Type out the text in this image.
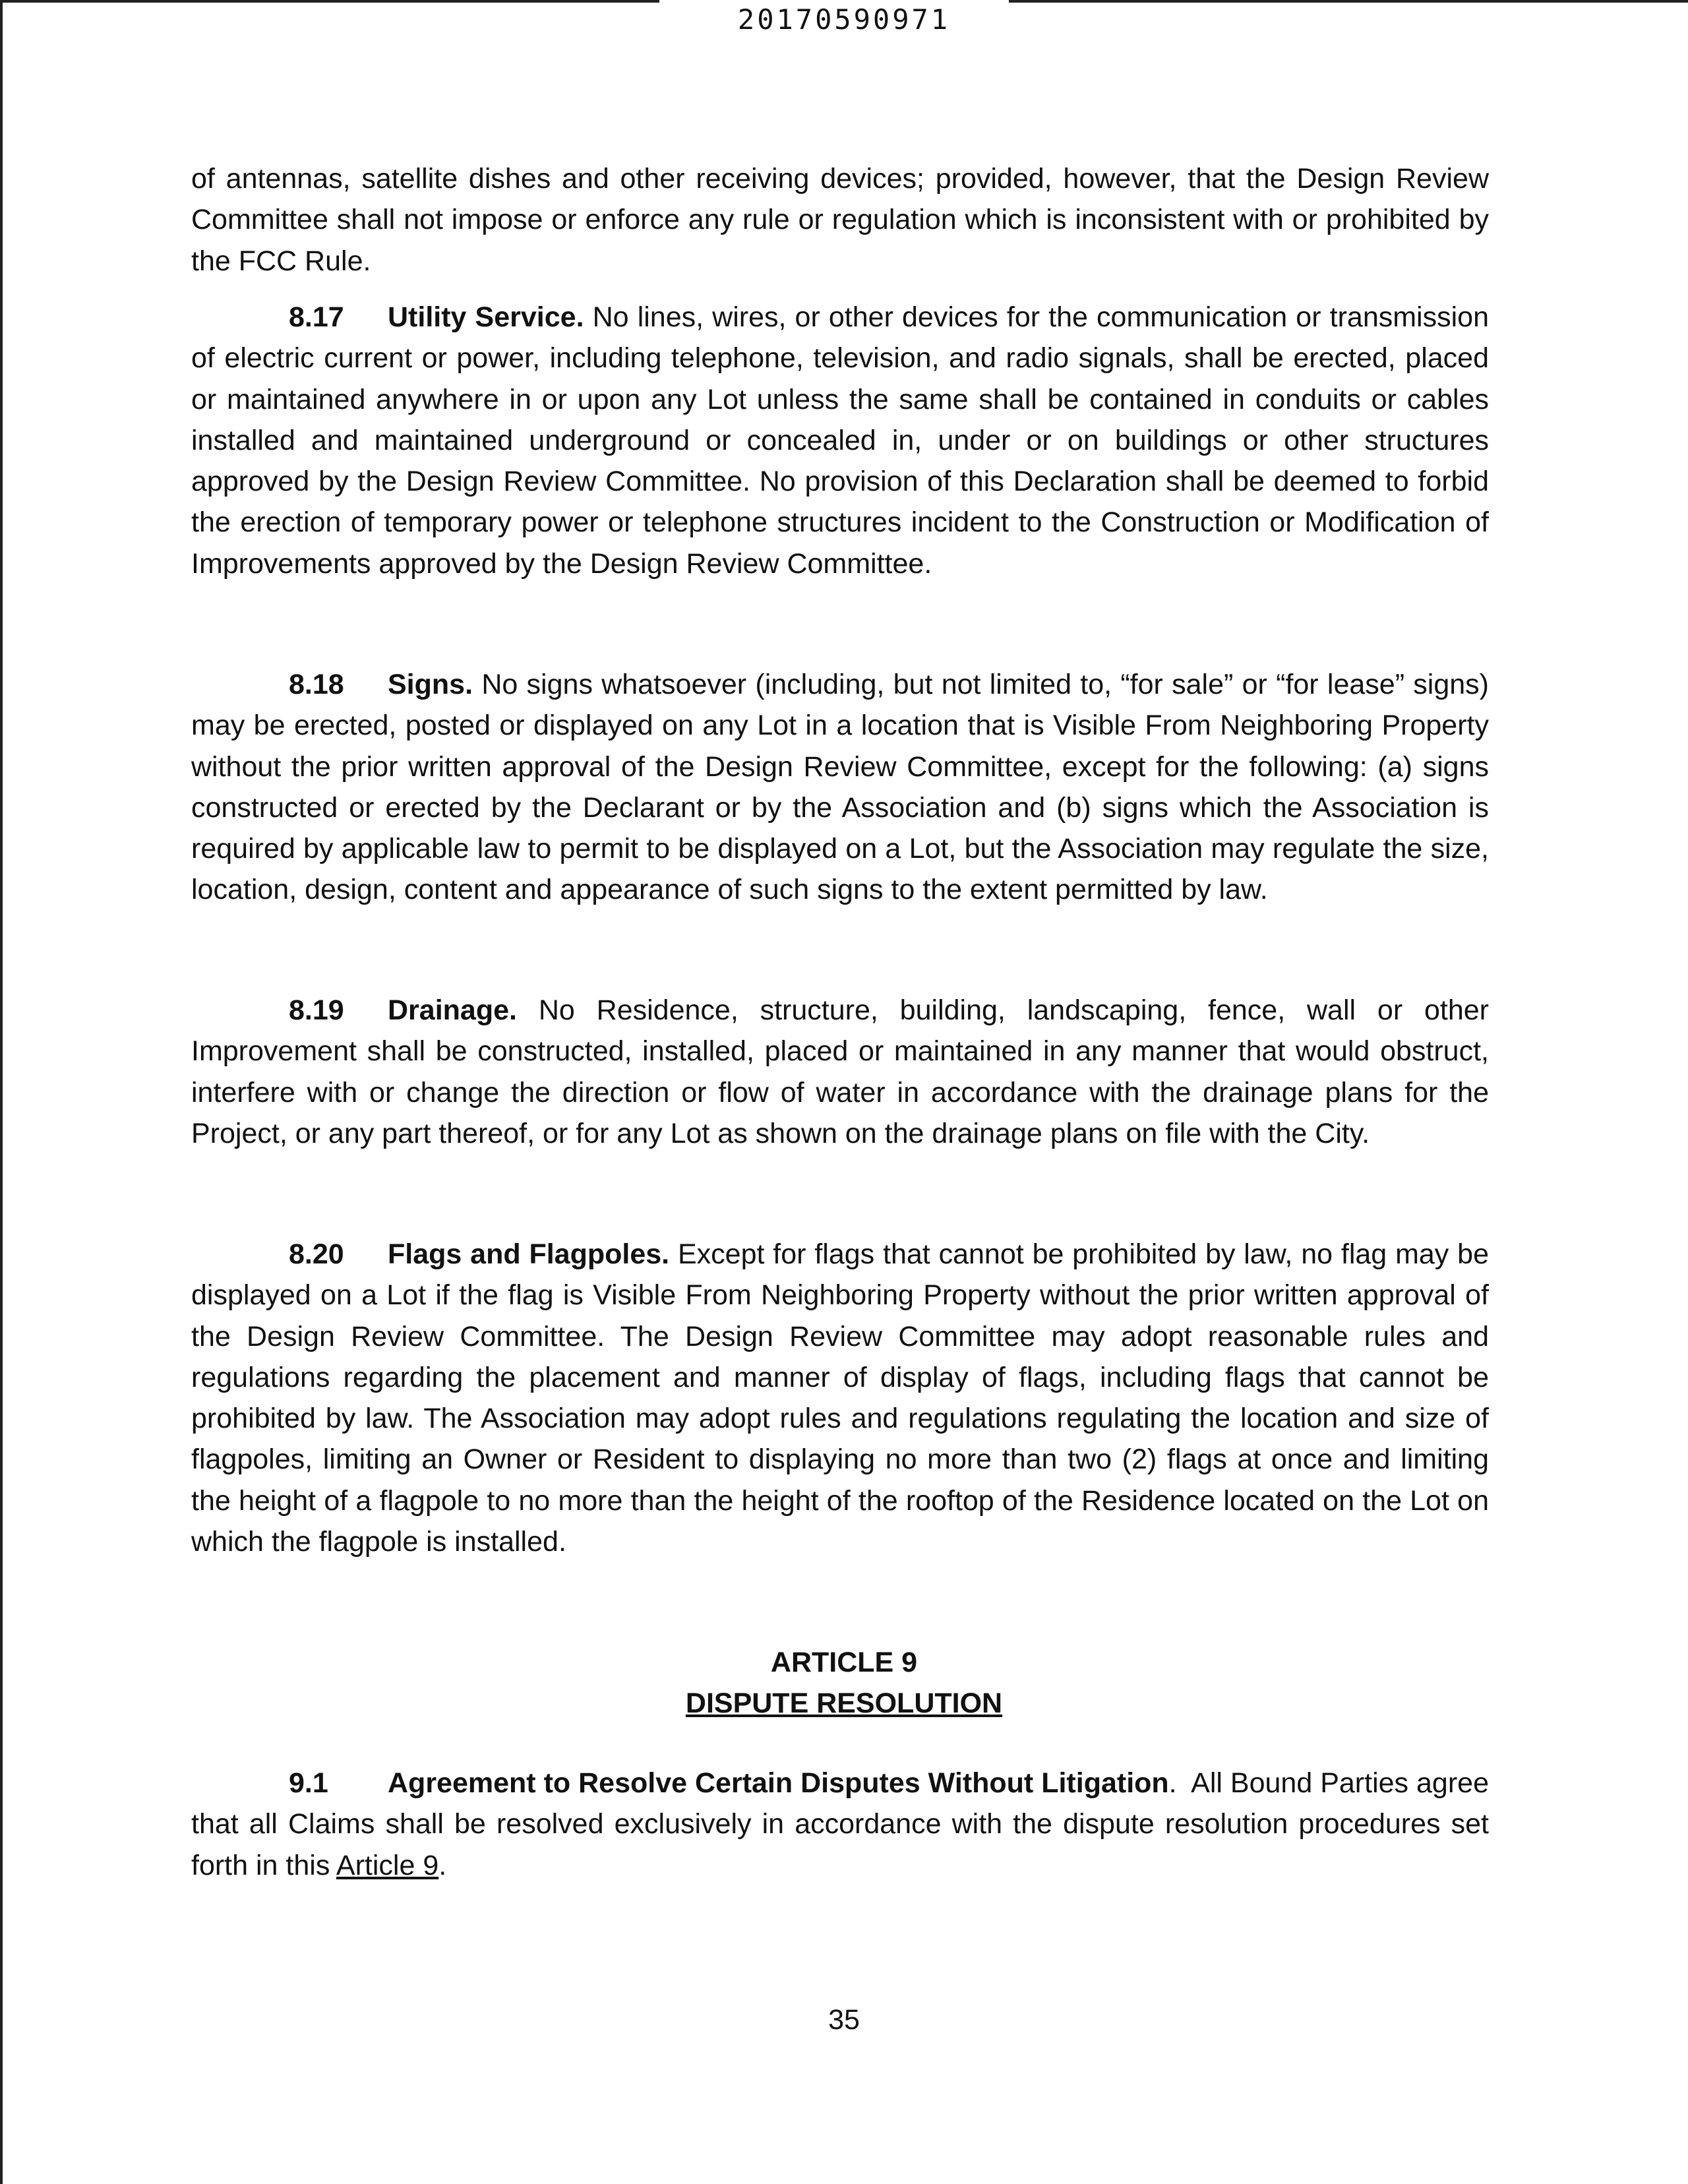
20170590971

of antennas, satellite dishes and other receiving devices; provided, however, that the Design Review Committee shall not impose or enforce any rule or regulation which is inconsistent with or prohibited by the FCC Rule.

8.17 Utility Service. No lines, wires, or other devices for the communication or transmission of electric current or power, including telephone, television, and radio signals, shall be erected, placed or maintained anywhere in or upon any Lot unless the same shall be contained in conduits or cables installed and maintained underground or concealed in, under or on buildings or other structures approved by the Design Review Committee. No provision of this Declaration shall be deemed to forbid the erection of temporary power or telephone structures incident to the Construction or Modification of Improvements approved by the Design Review Committee.

8.18 Signs. No signs whatsoever (including, but not limited to, “for sale” or “for lease” signs) may be erected, posted or displayed on any Lot in a location that is Visible From Neighboring Property without the prior written approval of the Design Review Committee, except for the following: (a) signs constructed or erected by the Declarant or by the Association and (b) signs which the Association is required by applicable law to permit to be displayed on a Lot, but the Association may regulate the size, location, design, content and appearance of such signs to the extent permitted by law.

8.19 Drainage. No Residence, structure, building, landscaping, fence, wall or other Improvement shall be constructed, installed, placed or maintained in any manner that would obstruct, interfere with or change the direction or flow of water in accordance with the drainage plans for the Project, or any part thereof, or for any Lot as shown on the drainage plans on file with the City.

8.20 Flags and Flagpoles. Except for flags that cannot be prohibited by law, no flag may be displayed on a Lot if the flag is Visible From Neighboring Property without the prior written approval of the Design Review Committee. The Design Review Committee may adopt reasonable rules and regulations regarding the placement and manner of display of flags, including flags that cannot be prohibited by law. The Association may adopt rules and regulations regulating the location and size of flagpoles, limiting an Owner or Resident to displaying no more than two (2) flags at once and limiting the height of a flagpole to no more than the height of the rooftop of the Residence located on the Lot on which the flagpole is installed.

ARTICLE 9
DISPUTE RESOLUTION

9.1 Agreement to Resolve Certain Disputes Without Litigation. All Bound Parties agree that all Claims shall be resolved exclusively in accordance with the dispute resolution procedures set forth in this Article 9.

35
